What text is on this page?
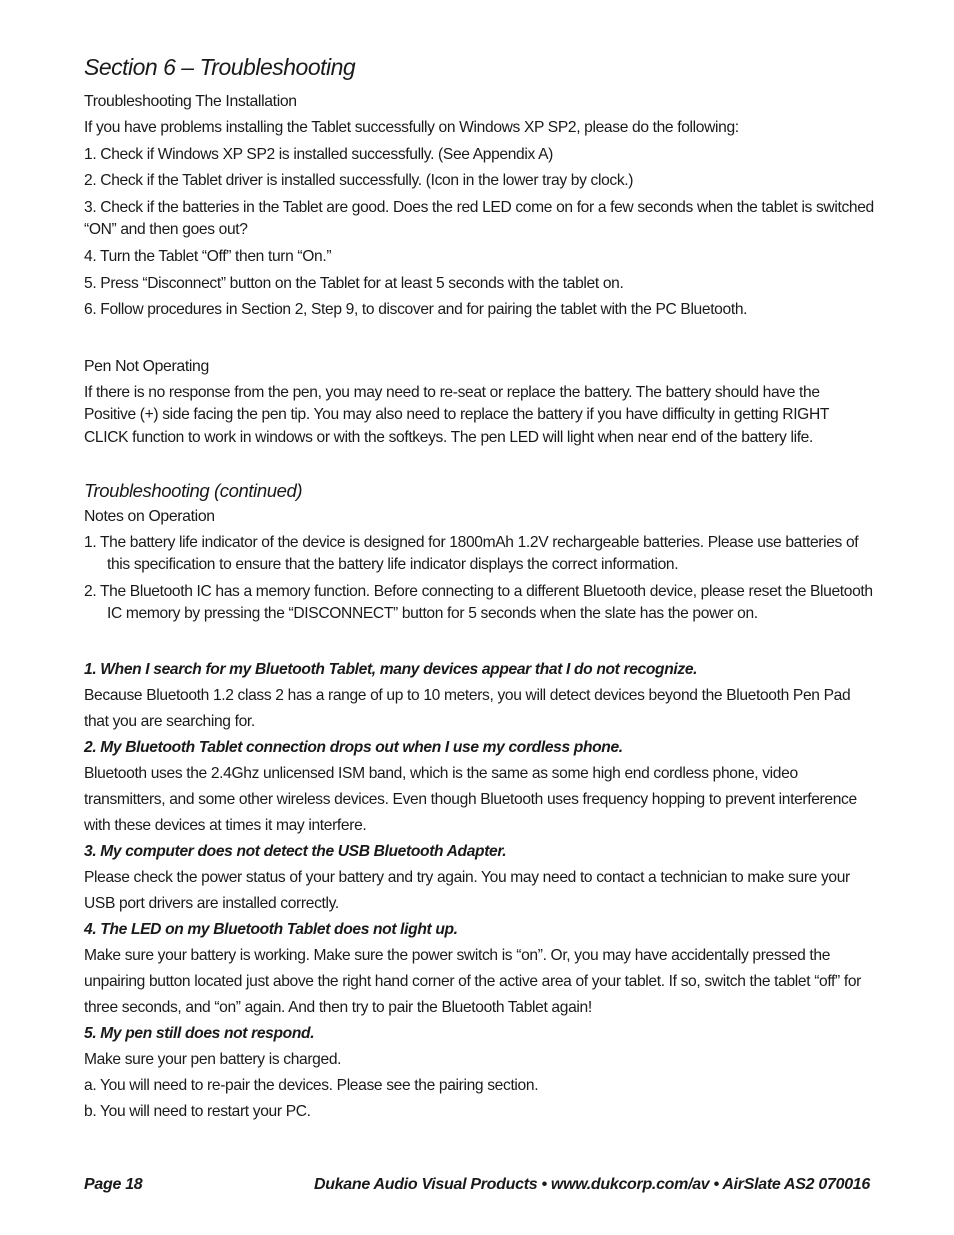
Section 6 – Troubleshooting
Troubleshooting The Installation

If you have problems installing the Tablet successfully on Windows XP SP2, please do the following:

1. Check if Windows XP SP2 is installed successfully. (See Appendix A)
2. Check if the Tablet driver is installed successfully. (Icon in the lower tray by clock.)
3. Check if the batteries in the Tablet are good. Does the red LED come on for a few seconds when the tablet is switched “ON” and then goes out?
4. Turn the Tablet “Off” then turn “On.”
5. Press “Disconnect” button on the Tablet for at least 5 seconds with the tablet on.
6. Follow procedures in Section 2, Step 9, to discover and for pairing the tablet with the PC Bluetooth.
Pen Not Operating

If there is no response from the pen, you may need to re-seat or replace the battery. The battery should have the Positive (+) side facing the pen tip. You may also need to replace the battery if you have difficulty in getting RIGHT CLICK function to work in windows or with the softkeys. The pen LED will light when near end of the battery life.

Troubleshooting (continued)
Notes on Operation
1. The battery life indicator of the device is designed for 1800mAh 1.2V rechargeable batteries. Please use batteries of this specification to ensure that the battery life indicator displays the correct information.
2. The Bluetooth IC has a memory function. Before connecting to a different Bluetooth device, please reset the Bluetooth IC memory by pressing the “DISCONNECT” button for 5 seconds when the slate has the power on.
1. When I search for my Bluetooth Tablet, many devices appear that I do not recognize.

Because Bluetooth 1.2 class 2 has a range of up to 10 meters, you will detect devices beyond the Bluetooth Pen Pad that you are searching for.

2. My Bluetooth Tablet connection drops out when I use my cordless phone.

Bluetooth uses the 2.4Ghz unlicensed ISM band, which is the same as some high end cordless phone, video transmitters, and some other wireless devices. Even though Bluetooth uses frequency hopping to prevent interference with these devices at times it may interfere.

3. My computer does not detect the USB Bluetooth Adapter.

Please check the power status of your battery and try again. You may need to contact a technician to make sure your USB port drivers are installed correctly.

4. The LED on my Bluetooth Tablet does not light up.

Make sure your battery is working. Make sure the power switch is “on”. Or, you may have accidentally pressed the unpairing button located just above the right hand corner of the active area of your tablet. If so, switch the tablet “off” for three seconds, and “on” again. And then try to pair the Bluetooth Tablet again!

5. My pen still does not respond.

Make sure your pen battery is charged.

a. You will need to re-pair the devices. Please see the pairing section.

b. You will need to restart your PC.

Page 18	Dukane Audio Visual Products • www.dukcorp.com/av • AirSlate AS2 070016
